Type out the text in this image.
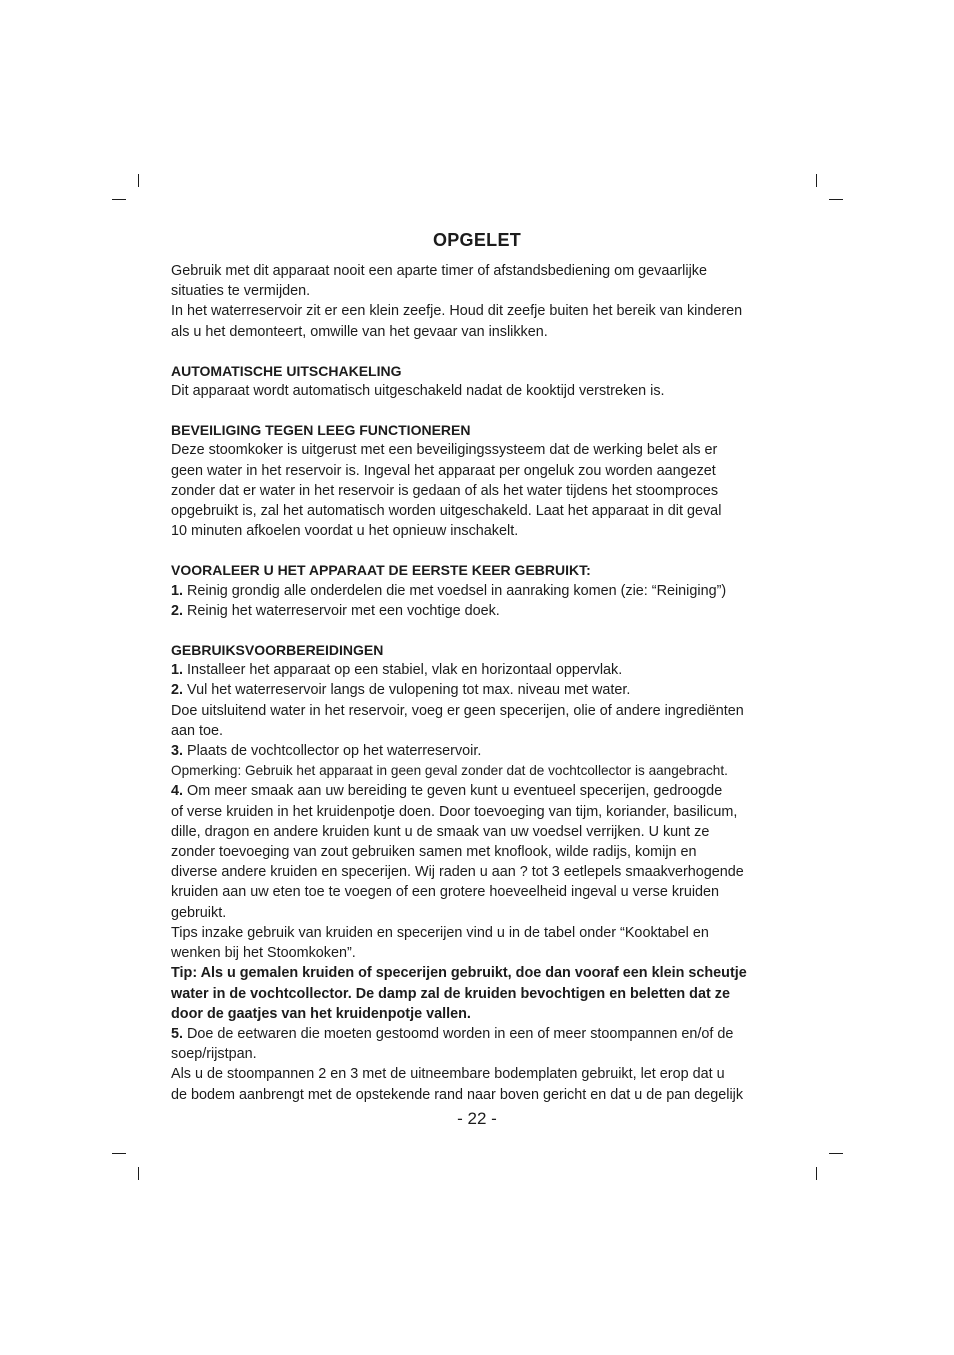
OPGELET

Gebruik met dit apparaat nooit een aparte timer of afstandsbediening om gevaarlijke

situaties te vermijden.

In het waterreservoir zit er een klein zeefje. Houd dit zeefje buiten het bereik van kinderen

als u het demonteert, omwille van het gevaar van inslikken.

AUTOMATISCHE UITSCHAKELING

Dit apparaat wordt automatisch uitgeschakeld nadat de kooktijd verstreken is.

BEVEILIGING TEGEN LEEG FUNCTIONEREN

Deze stoomkoker is uitgerust met een beveiligingssysteem dat de werking belet als er

geen water in het reservoir is. Ingeval het apparaat per ongeluk zou worden aangezet

zonder dat er water in het reservoir is gedaan of als het water tijdens het stoomproces

opgebruikt is, zal het automatisch worden uitgeschakeld. Laat het apparaat in dit geval

10 minuten afkoelen voordat u het opnieuw inschakelt.

VOORALEER U HET APPARAAT DE EERSTE KEER GEBRUIKT:

1. Reinig grondig alle onderdelen die met voedsel in aanraking komen (zie: “Reiniging”)

2. Reinig het waterreservoir met een vochtige doek.

GEBRUIKSVOORBEREIDINGEN

1. Installeer het apparaat op een stabiel, vlak en horizontaal oppervlak.

2. Vul het waterreservoir langs de vulopening tot max. niveau met water.

Doe uitsluitend water in het reservoir, voeg er geen specerijen, olie of andere ingrediënten

aan toe.

3. Plaats de vochtcollector op het waterreservoir.

Opmerking: Gebruik het apparaat in geen geval zonder dat de vochtcollector is aangebracht.

4. Om meer smaak aan uw bereiding te geven kunt u eventueel specerijen, gedroogde

of verse kruiden in het kruidenpotje doen. Door toevoeging van tijm, koriander, basilicum,

dille, dragon en andere kruiden kunt u de smaak van uw voedsel verrijken. U kunt ze

zonder toevoeging van zout gebruiken samen met knoflook, wilde radijs, komijn en

diverse andere kruiden en specerijen. Wij raden u aan ? tot 3 eetlepels smaakverhogende

kruiden aan uw eten toe te voegen of een grotere hoeveelheid ingeval u verse kruiden

gebruikt.

Tips inzake gebruik van kruiden en specerijen vind u in de tabel onder “Kooktabel en

wenken bij het Stoomkoken”.

Tip: Als u gemalen kruiden of specerijen gebruikt, doe dan vooraf een klein scheutje

water in de vochtcollector. De damp zal de kruiden bevochtigen en beletten dat ze

door de gaatjes van het kruidenpotje vallen.

5. Doe de eetwaren die moeten gestoomd worden in een of meer stoompannen en/of de

soep/rijstpan.

Als u de stoompannen 2 en 3 met de uitneembare bodemplaten gebruikt, let erop dat u

de bodem aanbrengt met de opstekende rand naar boven gericht en dat u de pan degelijk

- 22 -
